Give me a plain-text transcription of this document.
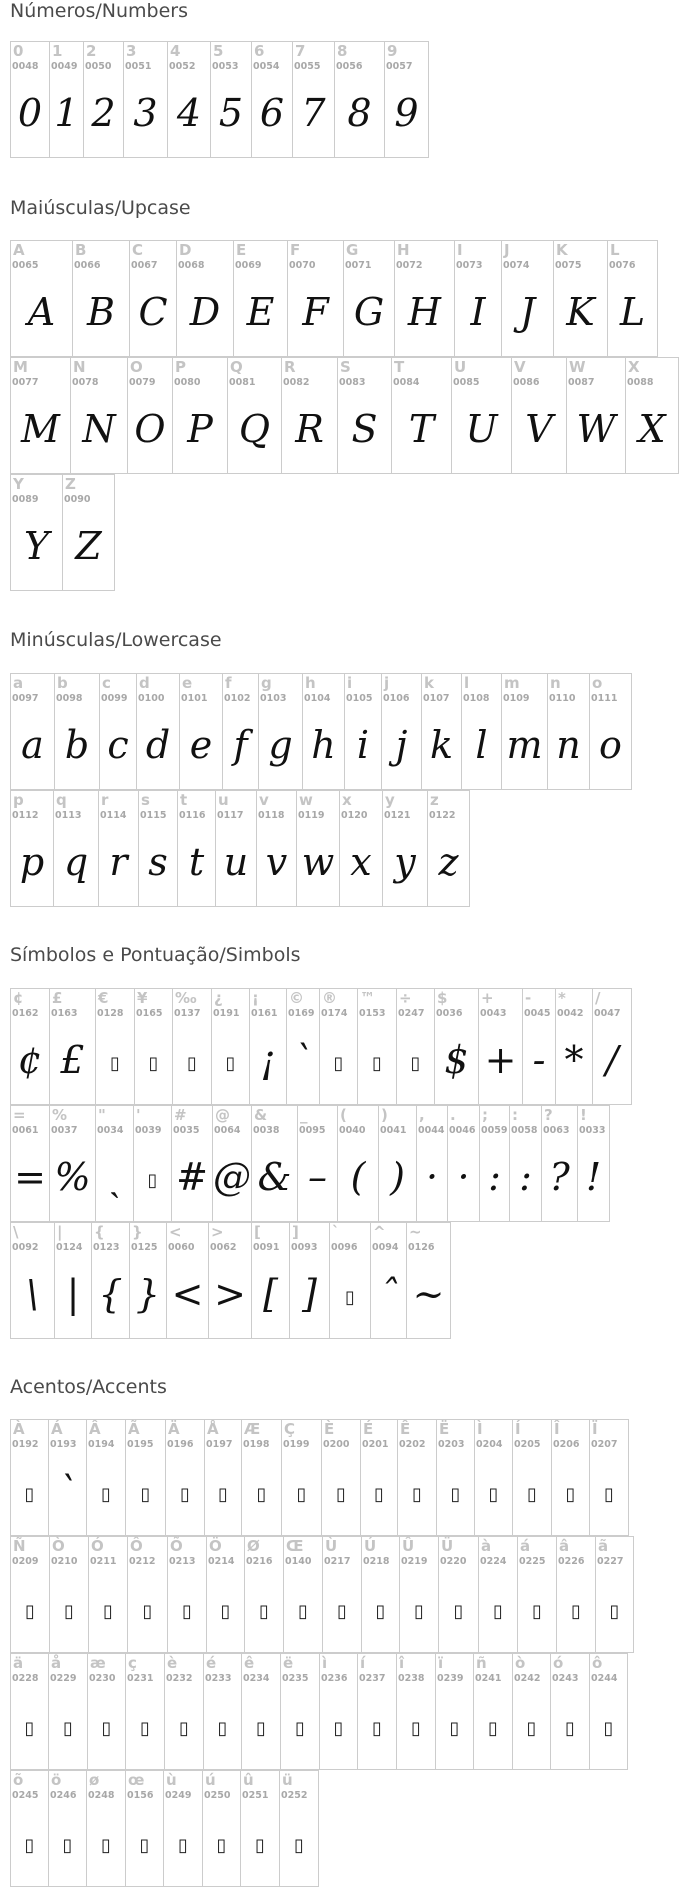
Números/Numbers
Maiúsculas/Upcase
Minúsculas/Lowercase
Símbolos e Pontuação/Simbols
Acentos/Accents
0
0048
0
1
0049
1
2
0050
2
3
0051
3
4
0052
4
5
0053
5
6
0054
6
7
0055
7
8
0056
8
9
0057
9
A
0065
A
B
0066
B
C
0067
C
D
0068
D
E
0069
E
F
0070
F
G
0071
G
H
0072
H
I
0073
I
J
0074
J
K
0075
K
L
0076
L
M
0077
M
N
0078
N
O
0079
O
P
0080
P
Q
0081
Q
R
0082
R
S
0083
S
T
0084
T
U
0085
U
V
0086
V
W
0087
W
X
0088
X
Y
0089
Y
Z
0090
Z
a
0097
a
b
0098
b
c
0099
c
d
0100
d
e
0101
e
f
0102
f
g
0103
g
h
0104
h
i
0105
i
j
0106
j
k
0107
k
l
0108
l
m
0109
m
n
0110
n
o
0111
o
p
0112
p
q
0113
q
r
0114
r
s
0115
s
t
0116
t
u
0117
u
v
0118
v
w
0119
w
x
0120
x
y
0121
y
z
0122
z
¢
0162
¢
£
0163
£
€
0128
▯
¥
0165
▯
‰
0137
▯
¿
0191
▯
¡
0161
¡
©
0169
ˋ
®
0174
▯
™
0153
▯
÷
0247
▯
$
0036
$
+
0043
+
-
0045
-
*
0042
*
/
0047
/
=
0061
=
%
0037
%
"
0034
ˎ
'
0039
▯
#
0035
#
@
0064
@
&
0038
&
_
0095
–
(
0040
(
)
0041
)
,
0044
·
.
0046
·
;
0059
:
:
0058
:
?
0063
?
!
0033
!
\
0092
\
|
0124
|
{
0123
{
}
0125
}
<
0060
<
>
0062
>
[
0091
[
]
0093
]
`
0096
▯
^
0094
ˆ
~
0126
~
À
0192
▯
Á
0193
ˋ
Â
0194
▯
Ã
0195
▯
Ä
0196
▯
Å
0197
▯
Æ
0198
▯
Ç
0199
▯
È
0200
▯
É
0201
▯
Ê
0202
▯
Ë
0203
▯
Ì
0204
▯
Í
0205
▯
Î
0206
▯
Ï
0207
▯
Ñ
0209
▯
Ò
0210
▯
Ó
0211
▯
Ô
0212
▯
Õ
0213
▯
Ö
0214
▯
Ø
0216
▯
Œ
0140
▯
Ù
0217
▯
Ú
0218
▯
Û
0219
▯
Ü
0220
▯
à
0224
▯
á
0225
▯
â
0226
▯
ã
0227
▯
ä
0228
▯
å
0229
▯
æ
0230
▯
ç
0231
▯
è
0232
▯
é
0233
▯
ê
0234
▯
ë
0235
▯
ì
0236
▯
í
0237
▯
î
0238
▯
ï
0239
▯
ñ
0241
▯
ò
0242
▯
ó
0243
▯
ô
0244
▯
õ
0245
▯
ö
0246
▯
ø
0248
▯
œ
0156
▯
ù
0249
▯
ú
0250
▯
û
0251
▯
ü
0252
▯
